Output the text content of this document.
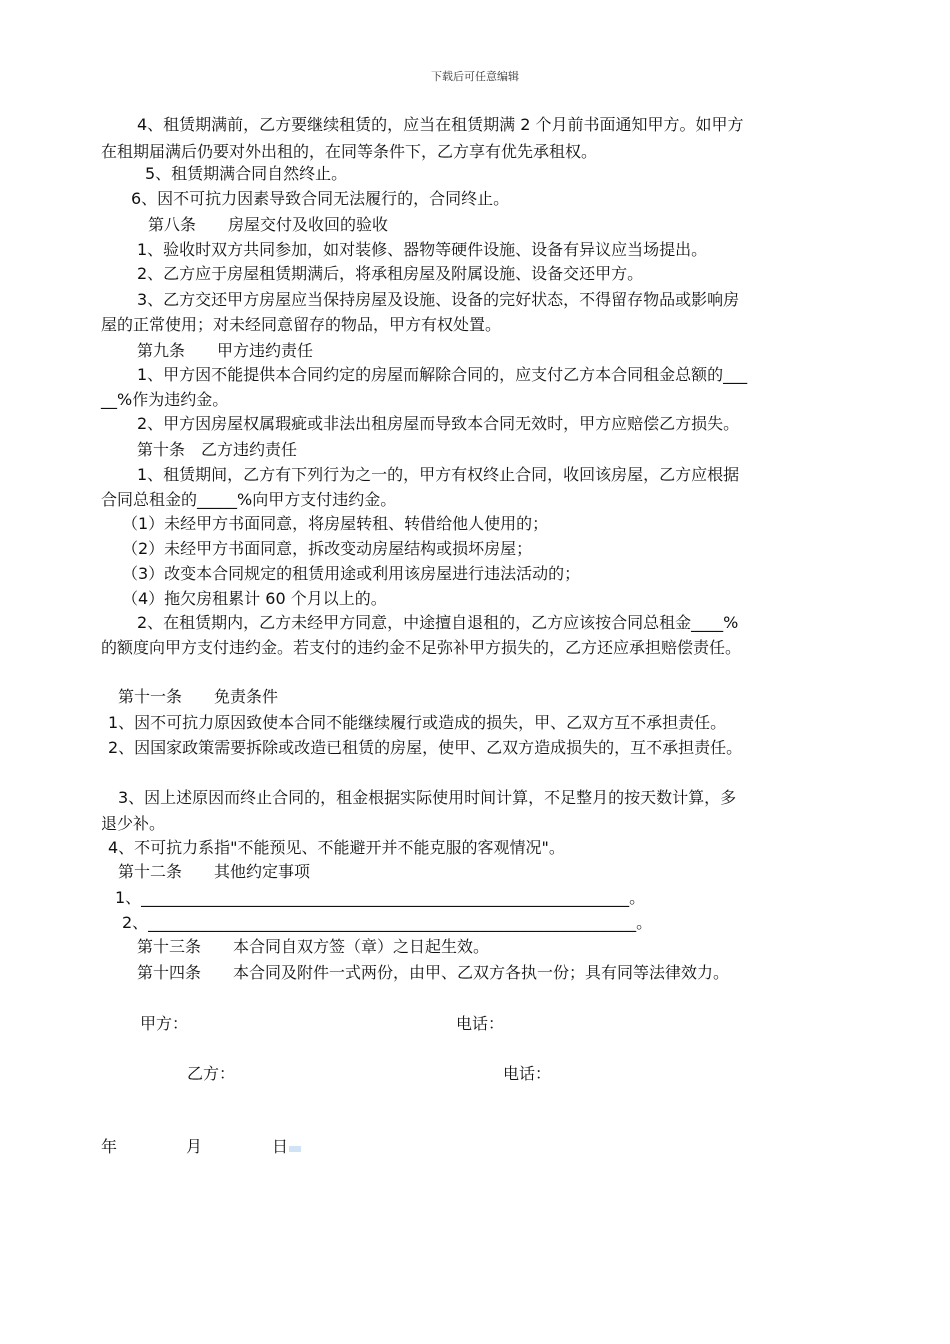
下载后可任意编辑
4、租赁期满前，乙方要继续租赁的，应当在租赁期满 2 个月前书面通知甲方。如甲方
在租期届满后仍要对外出租的，在同等条件下，乙方享有优先承租权。
5、租赁期满合同自然终止。
6、因不可抗力因素导致合同无法履行的，合同终止。
第八条　　房屋交付及收回的验收
1、验收时双方共同参加，如对装修、器物等硬件设施、设备有异议应当场提出。
2、乙方应于房屋租赁期满后，将承租房屋及附属设施、设备交还甲方。
3、乙方交还甲方房屋应当保持房屋及设施、设备的完好状态，不得留存物品或影响房
屋的正常使用；对未经同意留存的物品，甲方有权处置。
第九条　　甲方违约责任
1、甲方因不能提供本合同约定的房屋而解除合同的，应支付乙方本合同租金总额的___
__%作为违约金。
2、甲方因房屋权属瑕疵或非法出租房屋而导致本合同无效时，甲方应赔偿乙方损失。
第十条　乙方违约责任
1、租赁期间，乙方有下列行为之一的，甲方有权终止合同，收回该房屋，乙方应根据
合同总租金的_____%向甲方支付违约金。
（1）未经甲方书面同意，将房屋转租、转借给他人使用的；
（2）未经甲方书面同意，拆改变动房屋结构或损坏房屋；
（3）改变本合同规定的租赁用途或利用该房屋进行违法活动的；
（4）拖欠房租累计 60 个月以上的。
2、在租赁期内，乙方未经甲方同意，中途擅自退租的，乙方应该按合同总租金____%
的额度向甲方支付违约金。若支付的违约金不足弥补甲方损失的，乙方还应承担赔偿责任。
第十一条　　免责条件
1、因不可抗力原因致使本合同不能继续履行或造成的损失，甲、乙双方互不承担责任。
2、因国家政策需要拆除或改造已租赁的房屋，使甲、乙双方造成损失的，互不承担责任。
3、因上述原因而终止合同的，租金根据实际使用时间计算，不足整月的按天数计算，多
退少补。
4、不可抗力系指"不能预见、不能避开并不能克服的客观情况"。
第十二条　　其他约定事项
1、_____________________________________________________________。
2、_____________________________________________________________。
第十三条　　本合同自双方签（章）之日起生效。
第十四条　　本合同及附件一式两份，由甲、乙双方各执一份；具有同等法律效力。
甲方：	电话：
乙方：	电话：
年	月	日
